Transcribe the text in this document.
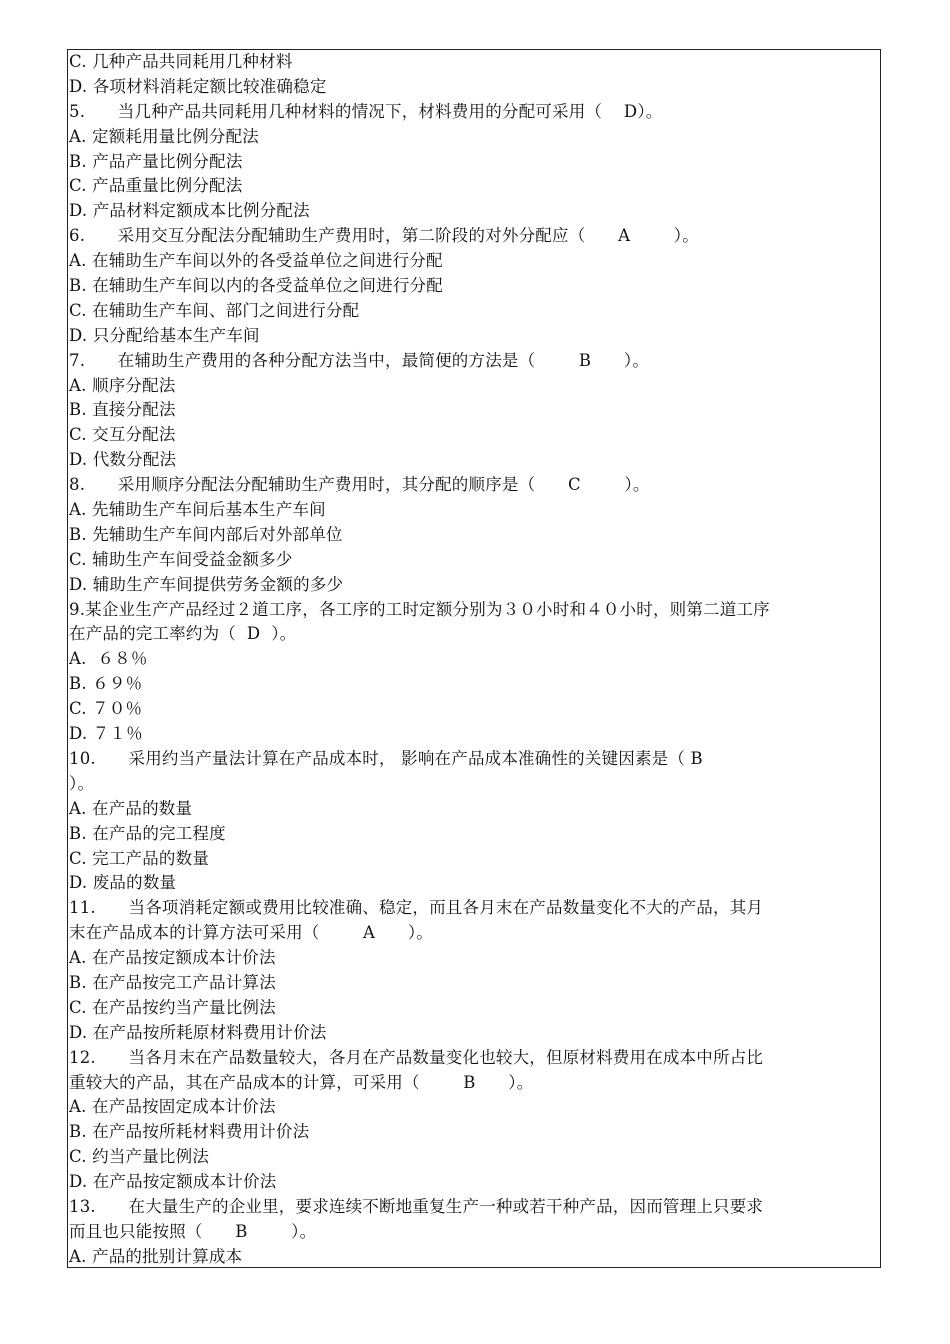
C. 几种产品共同耗用几种材料
D. 各项材料消耗定额比较准确稳定
5.      当几种产品共同耗用几种材料的情况下，材料费用的分配可采用（    D）。
A. 定额耗用量比例分配法
B. 产品产量比例分配法
C. 产品重量比例分配法
D. 产品材料定额成本比例分配法
6.      采用交互分配法分配辅助生产费用时，第二阶段的对外分配应（      A        ）。
A. 在辅助生产车间以外的各受益单位之间进行分配
B. 在辅助生产车间以内的各受益单位之间进行分配
C. 在辅助生产车间、部门之间进行分配
D. 只分配给基本生产车间
7.      在辅助生产费用的各种分配方法当中，最简便的方法是（        B      ）。
A. 顺序分配法
B. 直接分配法
C. 交互分配法
D. 代数分配法
8.      采用顺序分配法分配辅助生产费用时，其分配的顺序是（      C        ）。
A. 先辅助生产车间后基本生产车间
B. 先辅助生产车间内部后对外部单位
C. 辅助生产车间受益金额多少
D. 辅助生产车间提供劳务金额的多少
9.某企业生产产品经过２道工序，各工序的工时定额分别为３０小时和４０小时，则第二道工序
在产品的完工率约为（  D  ）。
A.  ６８％
B. ６９％
C. ７０％
D. ７１％
10.      采用约当产量法计算在产品成本时， 影响在产品成本准确性的关键因素是（ B
）。
A. 在产品的数量
B. 在产品的完工程度
C. 完工产品的数量
D. 废品的数量
11.      当各项消耗定额或费用比较准确、稳定，而且各月末在产品数量变化不大的产品，其月
末在产品成本的计算方法可采用（        A      ）。
A. 在产品按定额成本计价法
B. 在产品按完工产品计算法
C. 在产品按约当产量比例法
D. 在产品按所耗原材料费用计价法
12.      当各月末在产品数量较大，各月在产品数量变化也较大，但原材料费用在成本中所占比
重较大的产品，其在产品成本的计算，可采用（        B      ）。
A. 在产品按固定成本计价法
B. 在产品按所耗材料费用计价法
C. 约当产量比例法
D. 在产品按定额成本计价法
13.      在大量生产的企业里，要求连续不断地重复生产一种或若干种产品，因而管理上只要求
而且也只能按照（      B        ）。
A. 产品的批别计算成本
